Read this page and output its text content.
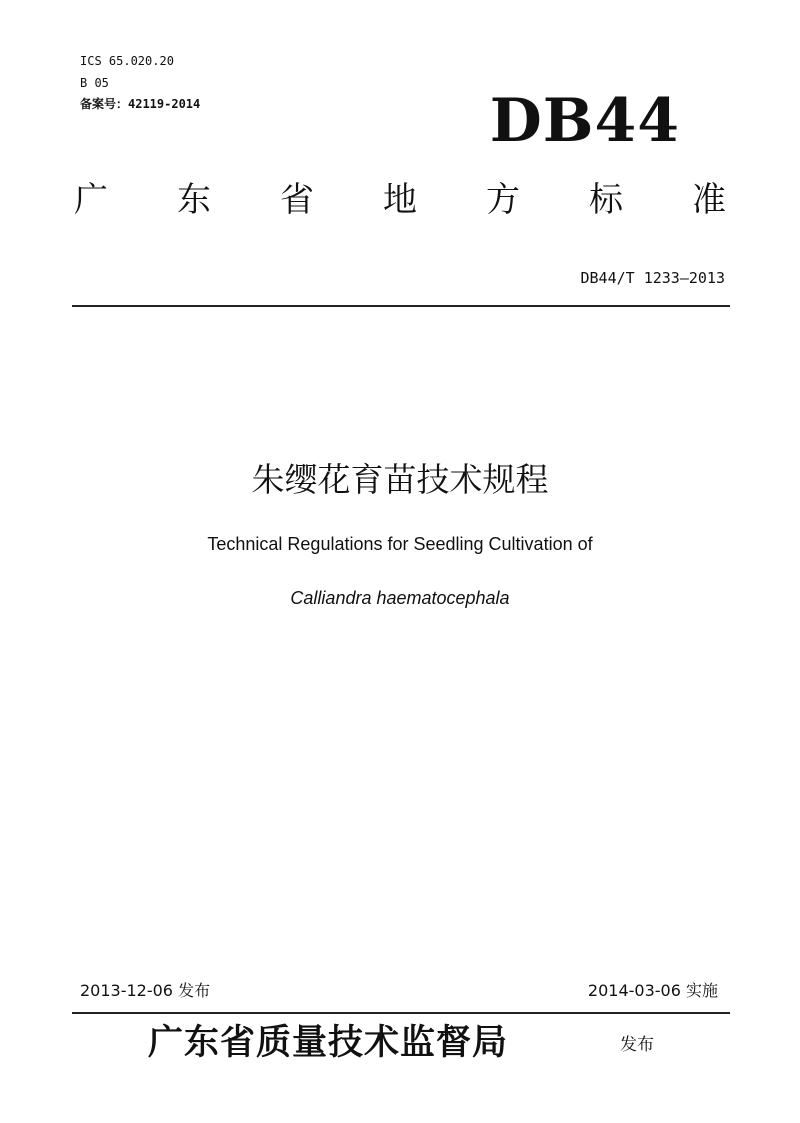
ICS 65.020.20
B 05
备案号：42119-2014	DB44
广 东 省 地 方 标 准
DB44/T 1233—2013
朱缨花育苗技术规程
Technical Regulations for Seedling Cultivation of
Calliandra haematocephala
2013-12-06 发布	2014-03-06 实施
广东省质量技术监督局	发布
